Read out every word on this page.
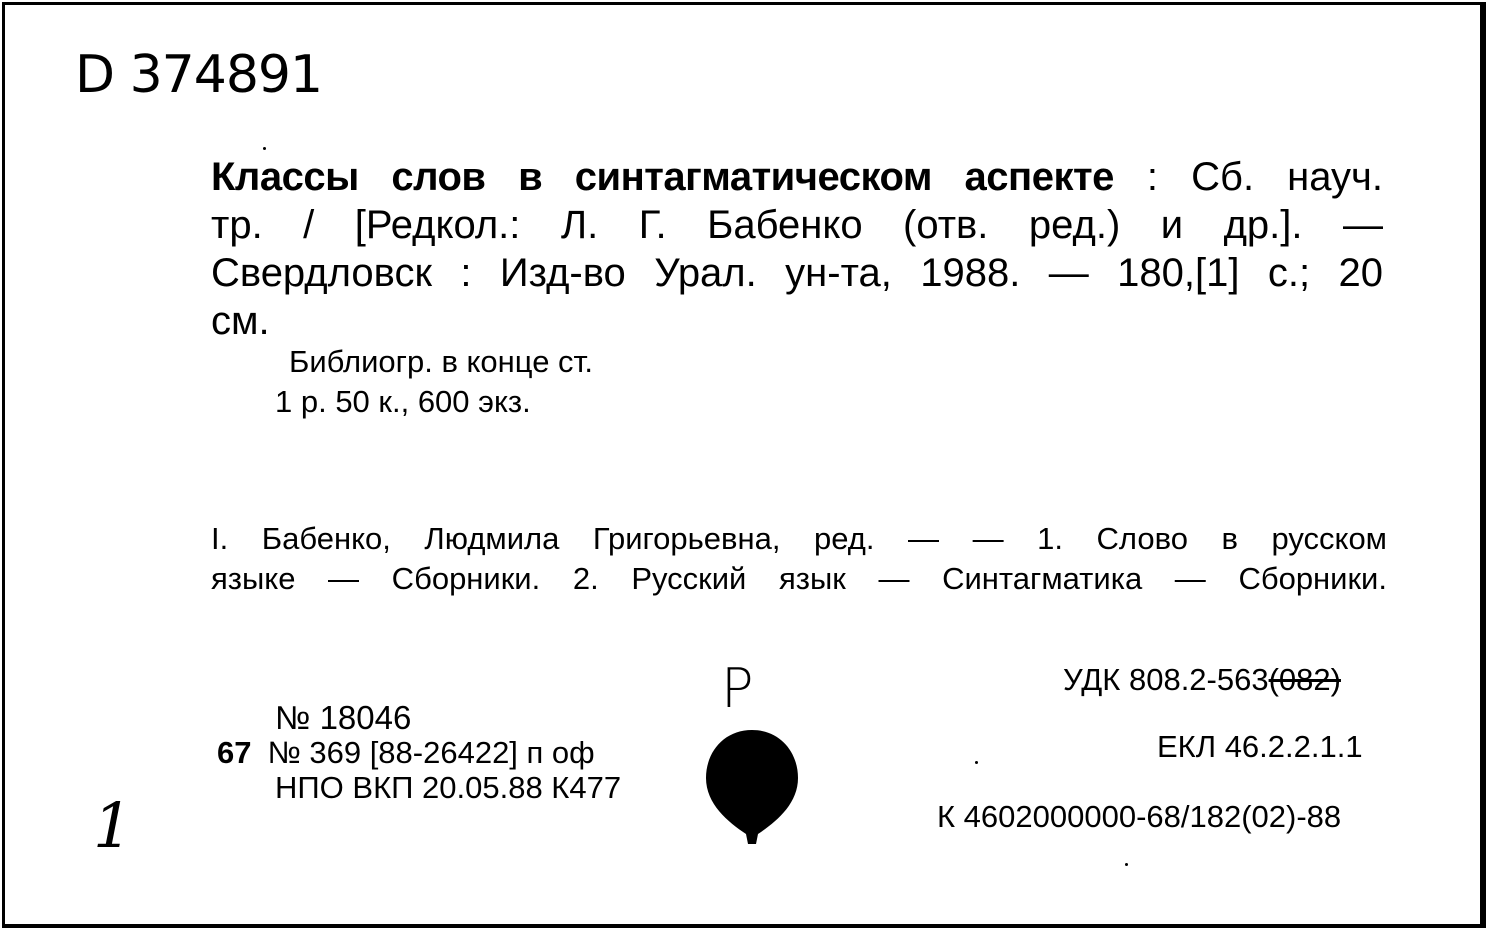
D 374891
Классы слов в синтагматическом аспекте : Сб. науч.
тр. / [Редкол.: Л. Г. Бабенко (отв. ред.) и др.]. —
Свердловск : Изд-во Урал. ун-та, 1988. — 180,[1] с.; 20
см.
Библиогр. в конце ст.
1 р. 50 к., 600 экз.
I. Бабенко, Людмила Григорьевна, ред. — — 1. Слово в русском
языке — Сборники. 2. Русский язык — Синтагматика — Сборники.
УДК 808.2-563(082)
ЕКЛ 46.2.2.1.1
К 4602000000-68/182(02)-88
№ 18046
67 № 369 [88-26422] п оф
НПО ВКП 20.05.88 К477
Р
1
